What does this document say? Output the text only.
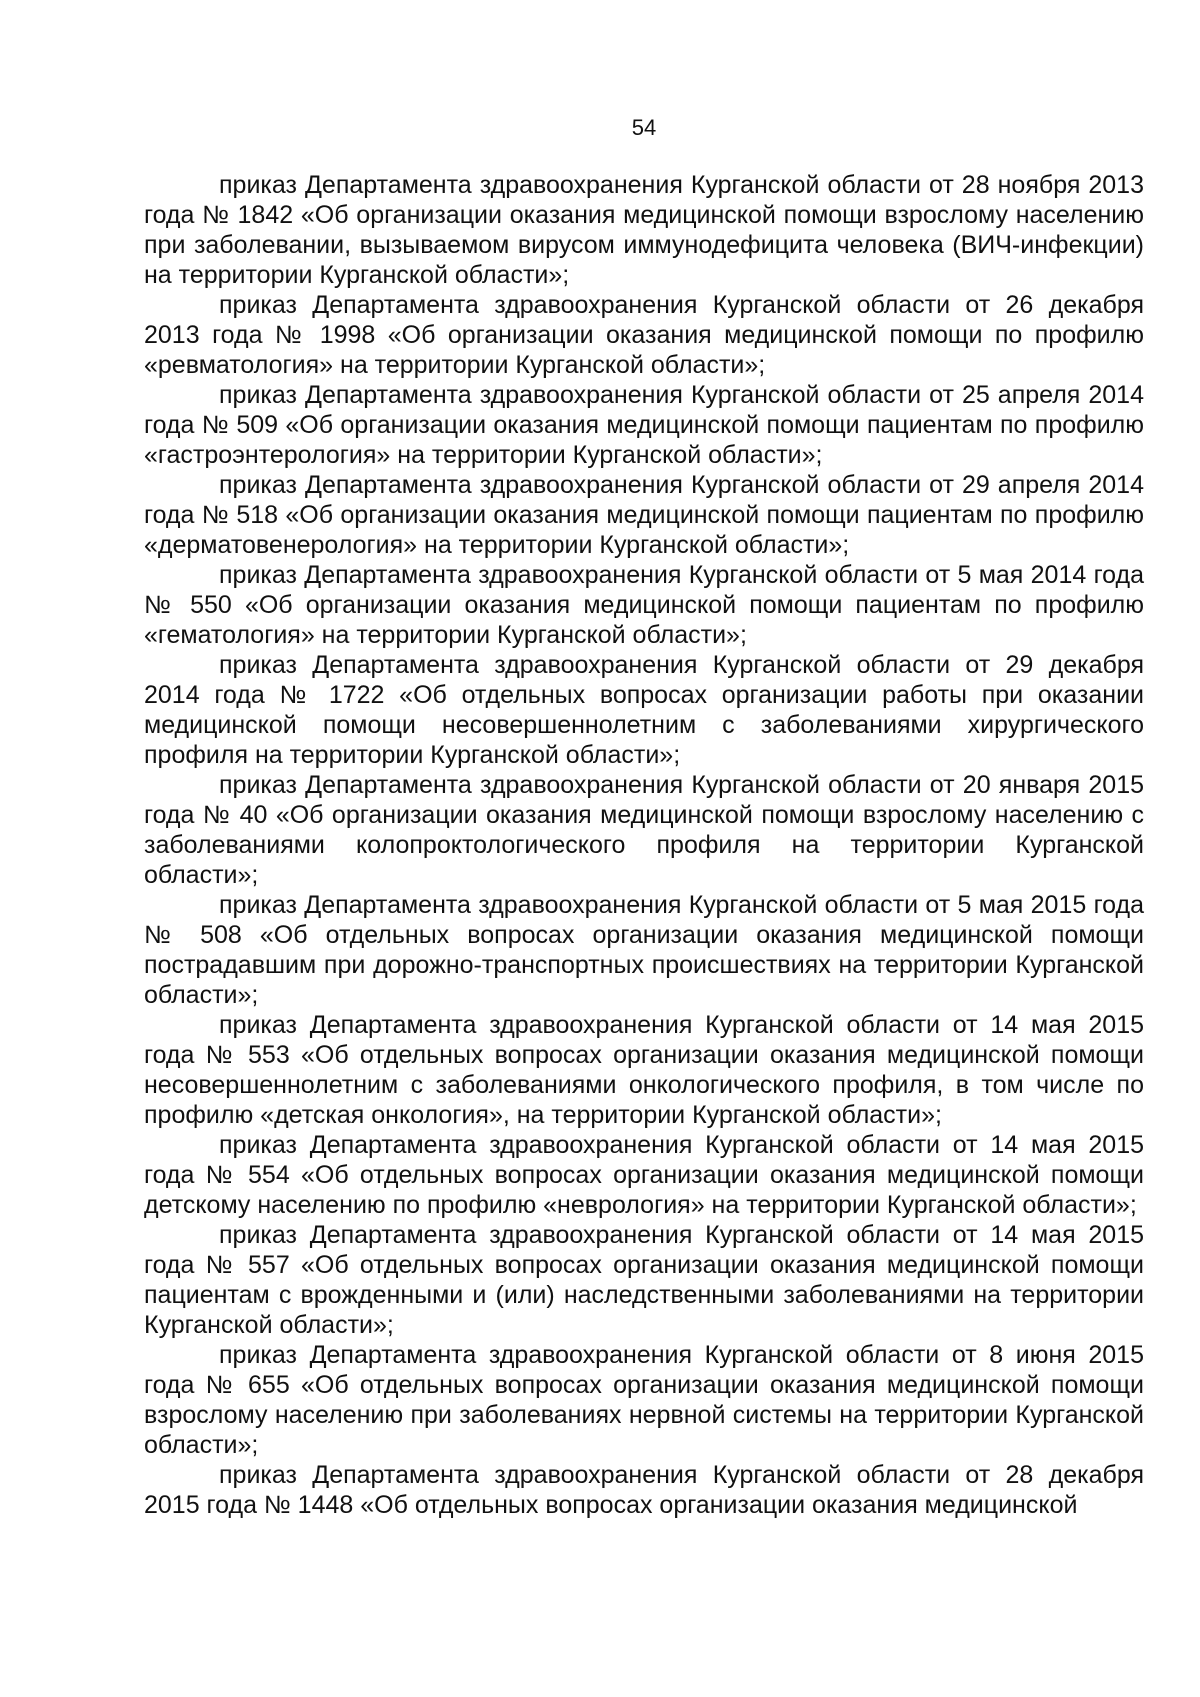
54

приказ Департамента здравоохранения Курганской области от 28 ноября 2013 года № 1842 «Об организации оказания медицинской помощи взрослому населению при заболевании, вызываемом вирусом иммунодефицита человека (ВИЧ-инфекции) на территории Курганской области»;

приказ Департамента здравоохранения Курганской области от 26 декабря 2013 года № 1998 «Об организации оказания медицинской помощи по профилю «ревматология» на территории Курганской области»;

приказ Департамента здравоохранения Курганской области от 25 апреля 2014 года № 509 «Об организации оказания медицинской помощи пациентам по профилю «гастроэнтерология» на территории Курганской области»;

приказ Департамента здравоохранения Курганской области от 29 апреля 2014 года № 518 «Об организации оказания медицинской помощи пациентам по профилю «дерматовенерология» на территории Курганской области»;

приказ Департамента здравоохранения Курганской области от 5 мая 2014 года № 550 «Об организации оказания медицинской помощи пациентам по профилю «гематология» на территории Курганской области»;

приказ Департамента здравоохранения Курганской области от 29 декабря 2014 года № 1722 «Об отдельных вопросах организации работы при оказании медицинской помощи несовершеннолетним с заболеваниями хирургического профиля на территории Курганской области»;

приказ Департамента здравоохранения Курганской области от 20 января 2015 года № 40 «Об организации оказания медицинской помощи взрослому населению с заболеваниями колопроктологического профиля на территории Курганской области»;

приказ Департамента здравоохранения Курганской области от 5 мая 2015 года № 508 «Об отдельных вопросах организации оказания медицинской помощи пострадавшим при дорожно-транспортных происшествиях на территории Курганской области»;

приказ Департамента здравоохранения Курганской области от 14 мая 2015 года № 553 «Об отдельных вопросах организации оказания медицинской помощи несовершеннолетним с заболеваниями онкологического профиля, в том числе по профилю «детская онкология», на территории Курганской области»;

приказ Департамента здравоохранения Курганской области от 14 мая 2015 года № 554 «Об отдельных вопросах организации оказания медицинской помощи детскому населению по профилю «неврология» на территории Курганской области»;

приказ Департамента здравоохранения Курганской области от 14 мая 2015 года № 557 «Об отдельных вопросах организации оказания медицинской помощи пациентам с врожденными и (или) наследственными заболеваниями на территории Курганской области»;

приказ Департамента здравоохранения Курганской области от 8 июня 2015 года № 655 «Об отдельных вопросах организации оказания медицинской помощи взрослому населению при заболеваниях нервной системы на территории Курганской области»;

приказ Департамента здравоохранения Курганской области от 28 декабря 2015 года № 1448 «Об отдельных вопросах организации оказания медицинской
